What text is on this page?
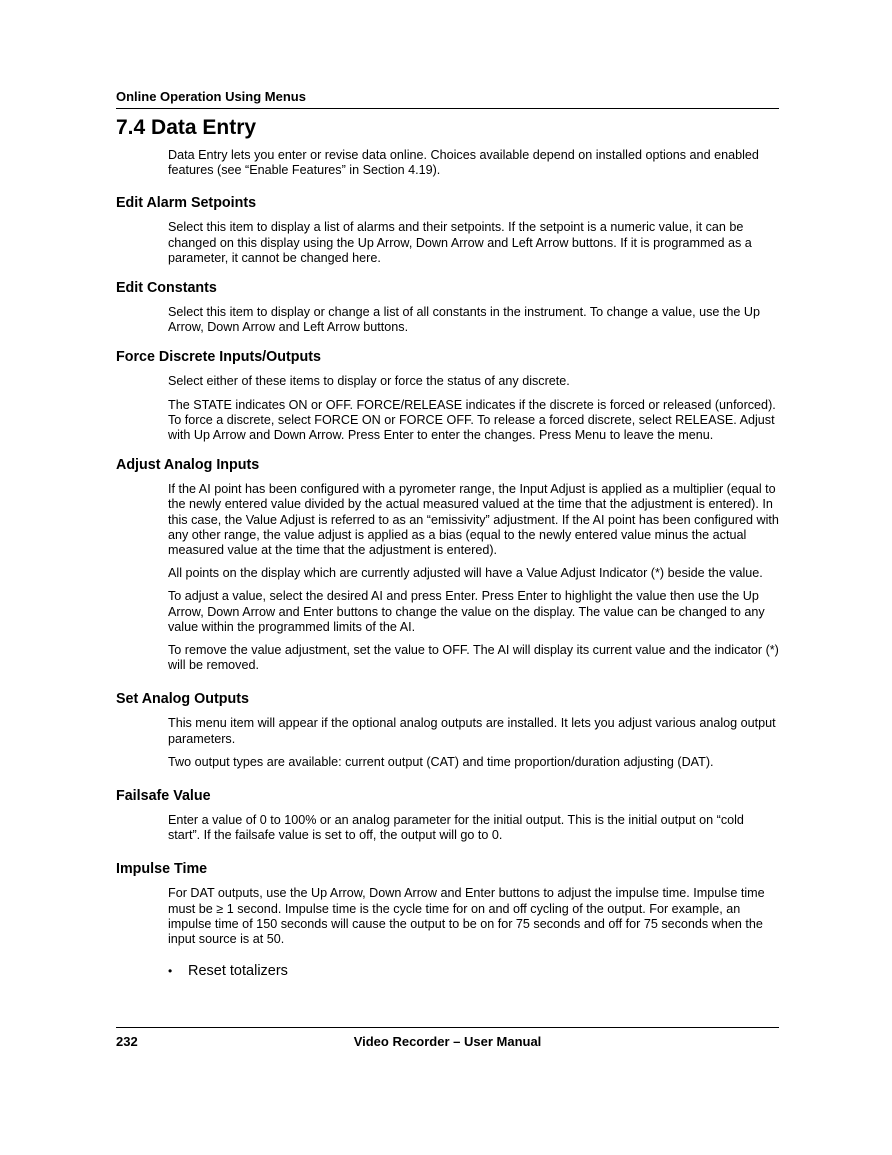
Online Operation Using Menus
7.4 Data Entry

Data Entry lets you enter or revise data online. Choices available depend on installed options and enabled features (see “Enable Features” in Section 4.19).

Edit Alarm Setpoints

Select this item to display a list of alarms and their setpoints. If the setpoint is a numeric value, it can be changed on this display using the Up Arrow, Down Arrow and Left Arrow buttons. If it is programmed as a parameter, it cannot be changed here.

Edit Constants

Select this item to display or change a list of all constants in the instrument. To change a value, use the Up Arrow, Down Arrow and Left Arrow buttons.

Force Discrete Inputs/Outputs

Select either of these items to display or force the status of any discrete.

The STATE indicates ON or OFF. FORCE/RELEASE indicates if the discrete is forced or released (unforced). To force a discrete, select FORCE ON or FORCE OFF. To release a forced discrete, select RELEASE. Adjust with Up Arrow and Down Arrow. Press Enter to enter the changes. Press Menu to leave the menu.

Adjust Analog Inputs

If the AI point has been configured with a pyrometer range, the Input Adjust is applied as a multiplier (equal to the newly entered value divided by the actual measured valued at the time that the adjustment is entered). In this case, the Value Adjust is referred to as an “emissivity” adjustment. If the AI point has been configured with any other range, the value adjust is applied as a bias (equal to the newly entered value minus the actual measured value at the time that the adjustment is entered).

All points on the display which are currently adjusted will have a Value Adjust Indicator (*) beside the value.

To adjust a value, select the desired AI and press Enter. Press Enter to highlight the value then use the Up Arrow, Down Arrow and Enter buttons to change the value on the display. The value can be changed to any value within the programmed limits of the AI.

To remove the value adjustment, set the value to OFF. The AI will display its current value and the indicator (*) will be removed.

Set Analog Outputs

This menu item will appear if the optional analog outputs are installed. It lets you adjust various analog output parameters.

Two output types are available: current output (CAT) and time proportion/duration adjusting (DAT).

Failsafe Value

Enter a value of 0 to 100% or an analog parameter for the initial output. This is the initial output on “cold start”. If the failsafe value is set to off, the output will go to 0.

Impulse Time

For DAT outputs, use the Up Arrow, Down Arrow and Enter buttons to adjust the impulse time. Impulse time must be ≥ 1 second. Impulse time is the cycle time for on and off cycling of the output. For example, an impulse time of 150 seconds will cause the output to be on for 75 seconds and off for 75 seconds when the input source is at 50.

•	Reset totalizers
232	Video Recorder – User Manual
